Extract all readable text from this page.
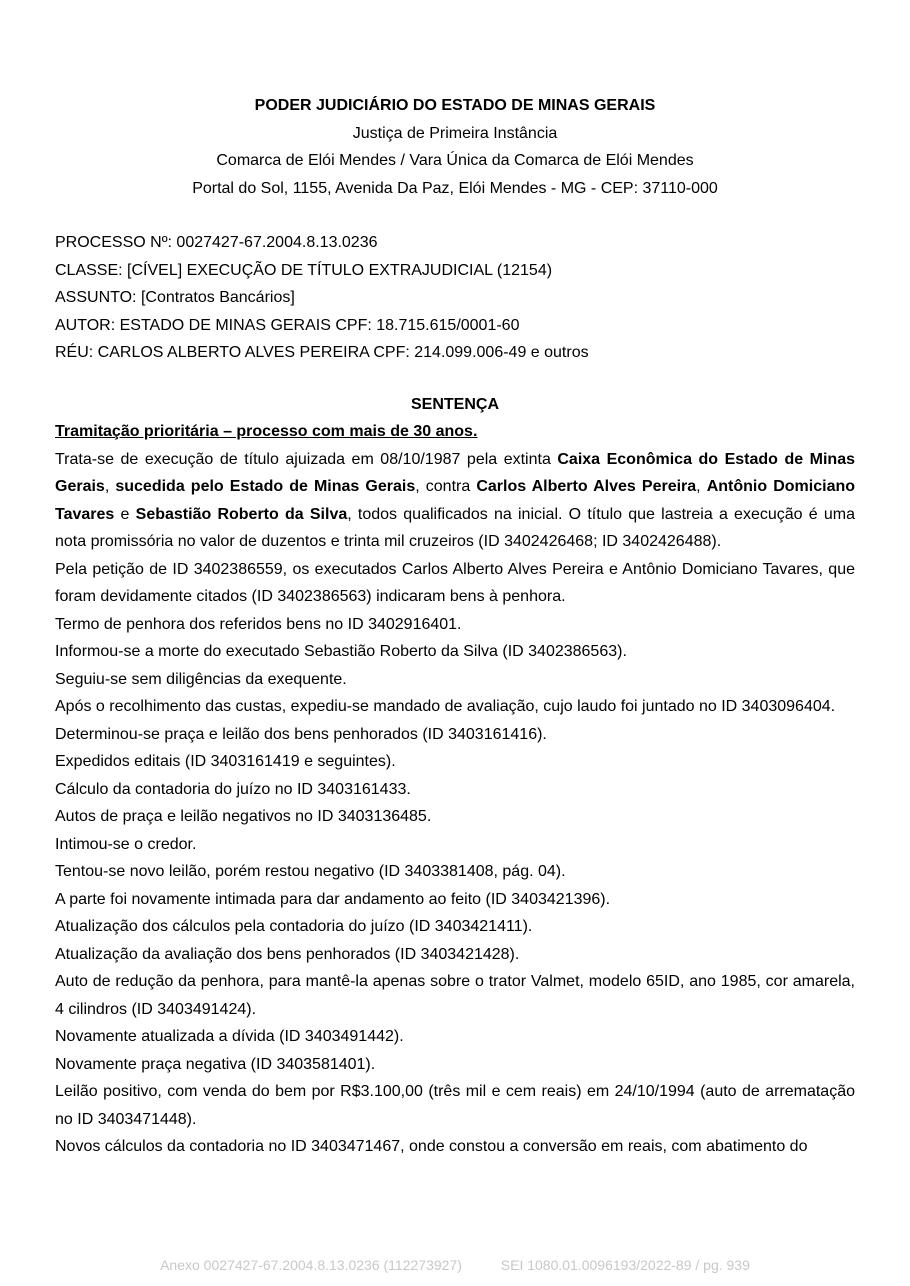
PODER JUDICIÁRIO DO ESTADO DE MINAS GERAIS
Justiça de Primeira Instância
Comarca de Elói Mendes / Vara Única da Comarca de Elói Mendes
Portal do Sol, 1155, Avenida Da Paz, Elói Mendes - MG - CEP: 37110-000
PROCESSO Nº: 0027427-67.2004.8.13.0236
CLASSE: [CÍVEL] EXECUÇÃO DE TÍTULO EXTRAJUDICIAL (12154)
ASSUNTO: [Contratos Bancários]
AUTOR: ESTADO DE MINAS GERAIS CPF: 18.715.615/0001-60
RÉU: CARLOS ALBERTO ALVES PEREIRA CPF: 214.099.006-49 e outros
SENTENÇA
Tramitação prioritária – processo com mais de 30 anos.

Trata-se de execução de título ajuizada em 08/10/1987 pela extinta Caixa Econômica do Estado de Minas Gerais, sucedida pelo Estado de Minas Gerais, contra Carlos Alberto Alves Pereira, Antônio Domiciano Tavares e Sebastião Roberto da Silva, todos qualificados na inicial. O título que lastreia a execução é uma nota promissória no valor de duzentos e trinta mil cruzeiros (ID 3402426468; ID 3402426488).

Pela petição de ID 3402386559, os executados Carlos Alberto Alves Pereira e Antônio Domiciano Tavares, que foram devidamente citados (ID 3402386563) indicaram bens à penhora.

Termo de penhora dos referidos bens no ID 3402916401.

Informou-se a morte do executado Sebastião Roberto da Silva (ID 3402386563).

Seguiu-se sem diligências da exequente.

Após o recolhimento das custas, expediu-se mandado de avaliação, cujo laudo foi juntado no ID 3403096404.

Determinou-se praça e leilão dos bens penhorados (ID 3403161416).

Expedidos editais (ID 3403161419 e seguintes).

Cálculo da contadoria do juízo no ID 3403161433.

Autos de praça e leilão negativos no ID 3403136485.

Intimou-se o credor.

Tentou-se novo leilão, porém restou negativo (ID 3403381408, pág. 04).

A parte foi novamente intimada para dar andamento ao feito (ID 3403421396).

Atualização dos cálculos pela contadoria do juízo (ID 3403421411).

Atualização da avaliação dos bens penhorados (ID 3403421428).

Auto de redução da penhora, para mantê-la apenas sobre o trator Valmet, modelo 65ID, ano 1985, cor amarela, 4 cilindros (ID 3403491424).

Novamente atualizada a dívida (ID 3403491442).

Novamente praça negativa (ID 3403581401).

Leilão positivo, com venda do bem por R$3.100,00 (três mil e cem reais) em 24/10/1994 (auto de arrematação no ID 3403471448).

Novos cálculos da contadoria no ID 3403471467, onde constou a conversão em reais, com abatimento do

Anexo 0027427-67.2004.8.13.0236 (112273927)	SEI 1080.01.0096193/2022-89 / pg. 939
